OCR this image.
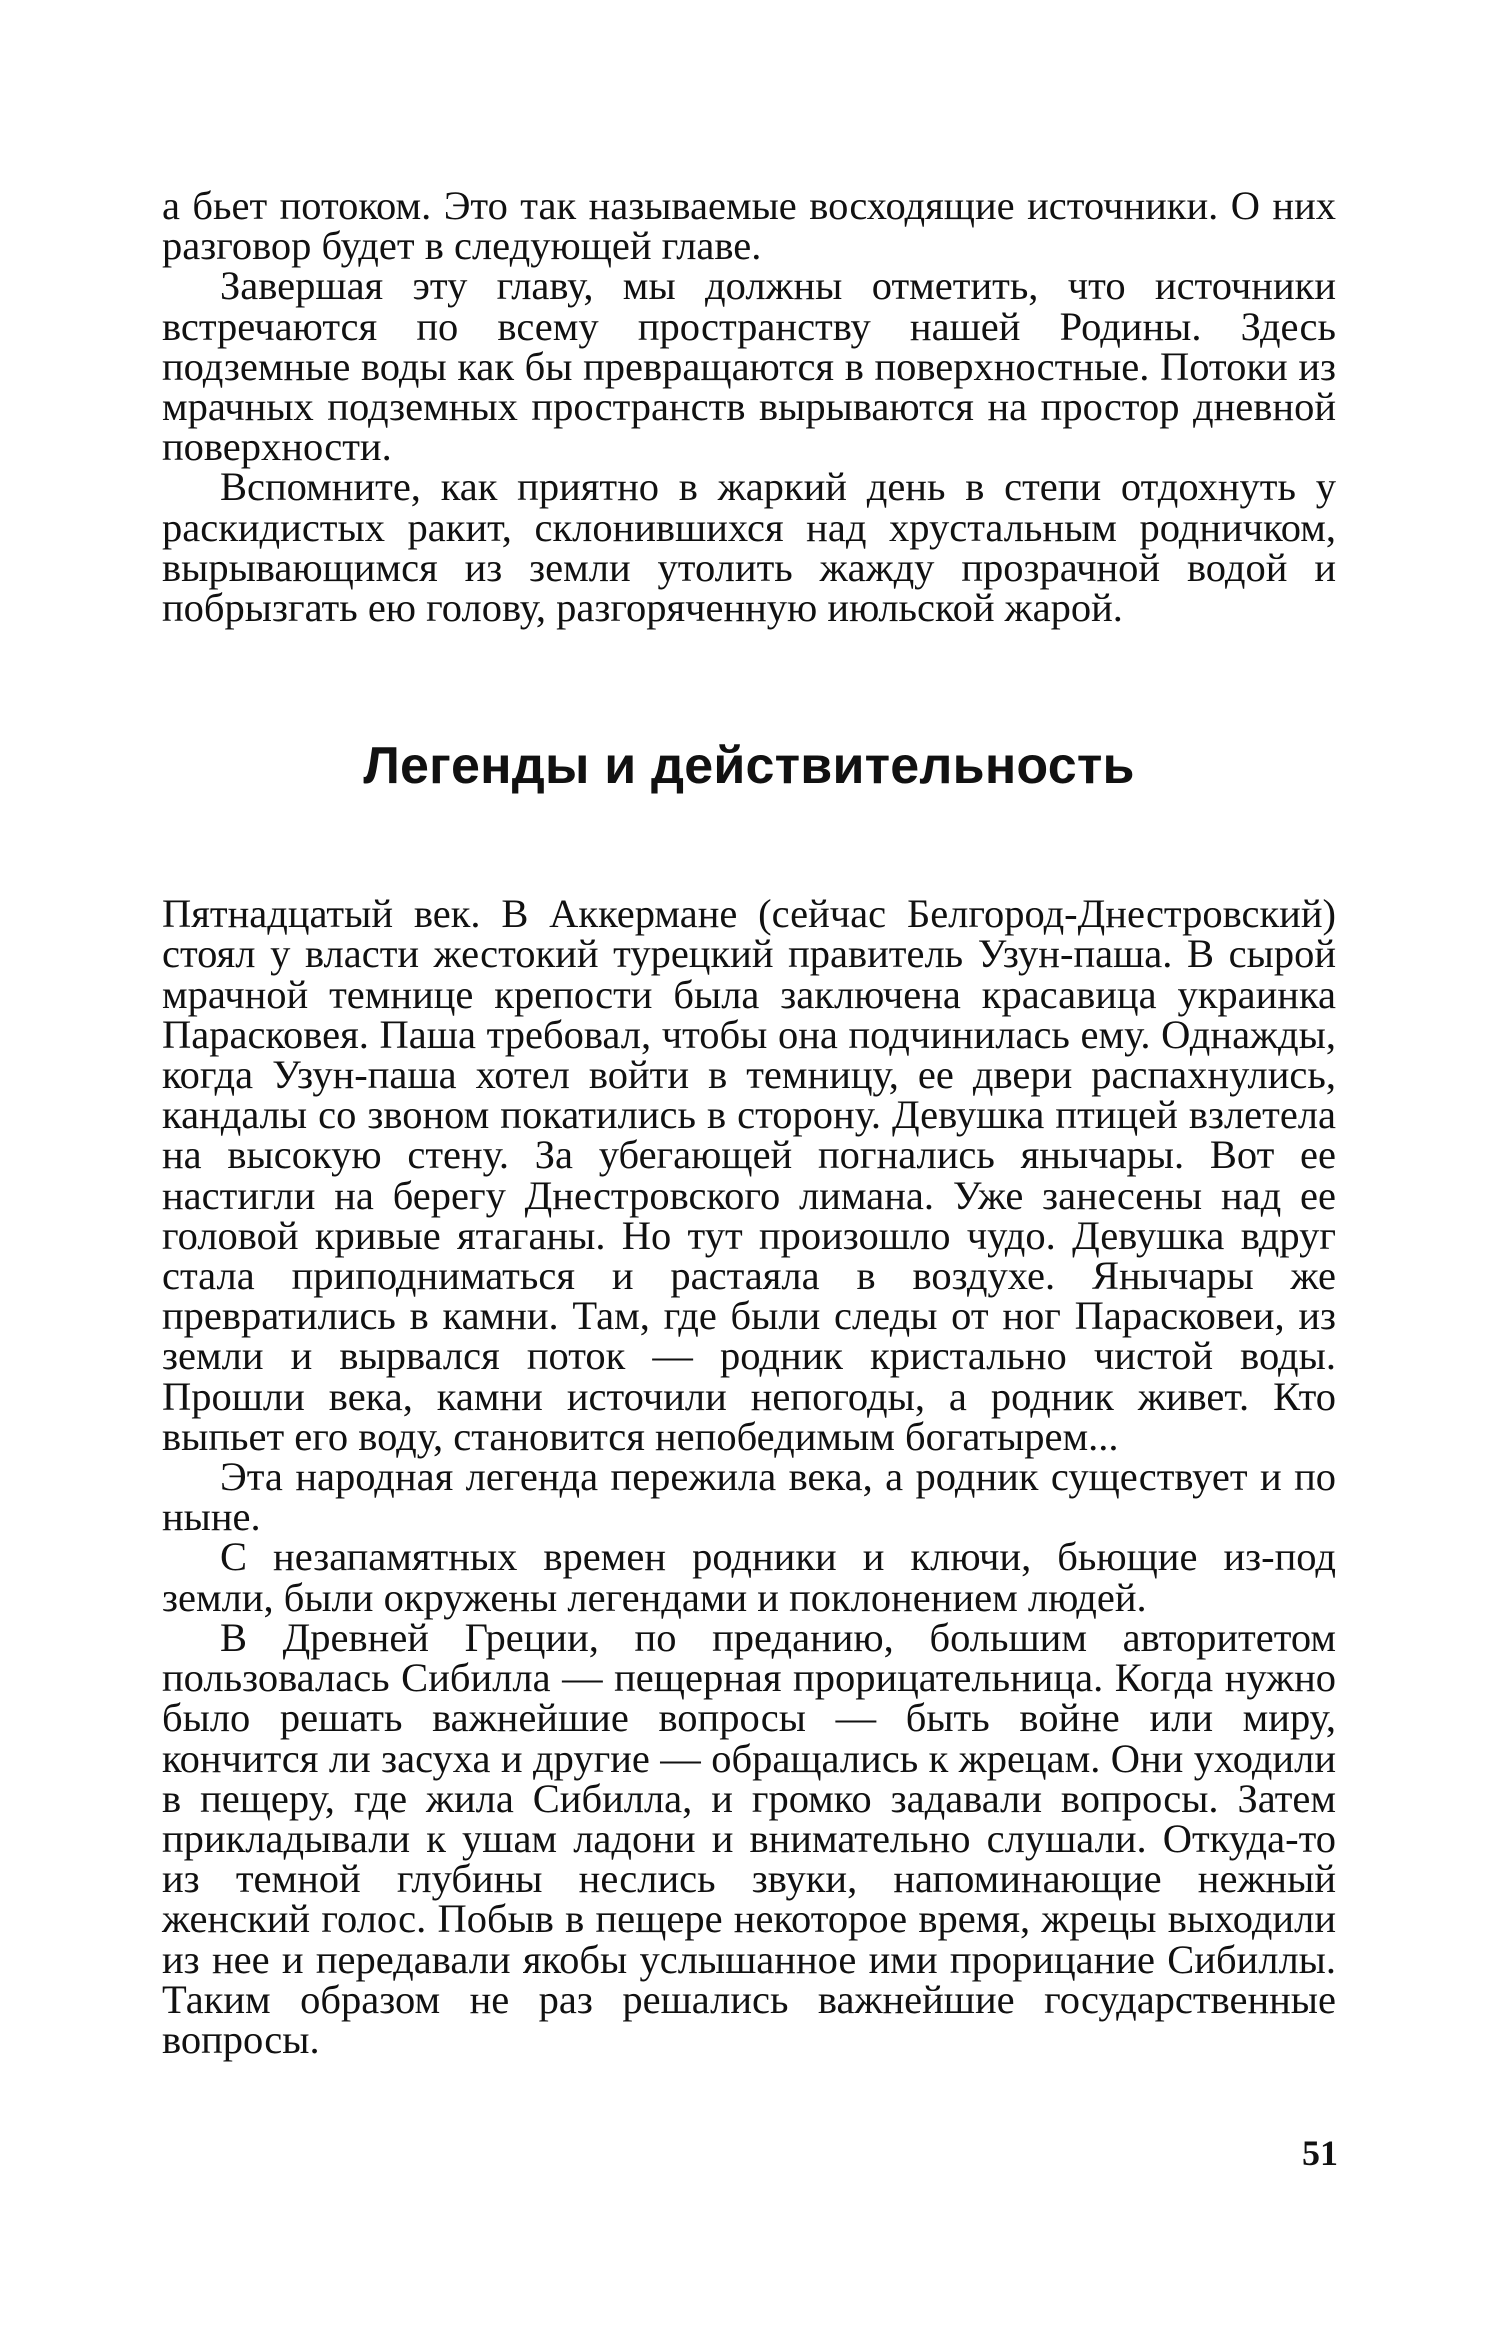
а бьет потоком. Это так называемые восходящие источники. О них разговор будет в следующей главе.

Завершая эту главу, мы должны отметить, что источники встречаются по всему пространству нашей Родины. Здесь подземные воды как бы превращаются в поверхностные. Потоки из мрачных подземных пространств вырываются на простор дневной поверхности.

Вспомните, как приятно в жаркий день в степи отдохнуть у раскидистых ракит, склонившихся над хрустальным родничком, вырывающимся из земли утолить жажду прозрачной водой и побрызгать ею голову, разгоряченную июльской жарой.

Легенды и действительность

Пятнадцатый век. В Аккермане (сейчас Белгород-Днестровский) стоял у власти жестокий турецкий правитель Узун-паша. В сырой мрачной темнице крепости была заключена красавица украинка Парасковея. Паша требовал, чтобы она подчинилась ему. Однажды, когда Узун-паша хотел войти в темницу, ее двери распахнулись, кандалы со звоном покатились в сторону. Девушка птицей взлетела на высокую стену. За убегающей погнались янычары. Вот ее настигли на берегу Днестровского лимана. Уже занесены над ее головой кривые ятаганы. Но тут произошло чудо. Девушка вдруг стала приподниматься и растаяла в воздухе. Янычары же превратились в камни. Там, где были следы от ног Парасковеи, из земли и вырвался поток — родник кристально чистой воды. Прошли века, камни источили непогоды, а родник живет. Кто выпьет его воду, становится непобедимым богатырем...

Эта народная легенда пережила века, а родник существует и по ныне.

С незапамятных времен родники и ключи, бьющие из-под земли, были окружены легендами и поклонением людей.

В Древней Греции, по преданию, большим авторитетом пользовалась Сибилла — пещерная прорицательница. Когда нужно было решать важнейшие вопросы — быть войне или миру, кончится ли засуха и другие — обращались к жрецам. Они уходили в пещеру, где жила Сибилла, и громко задавали вопросы. Затем прикладывали к ушам ладони и внимательно слушали. Откуда-то из темной глубины неслись звуки, напоминающие нежный женский голос. Побыв в пещере некоторое время, жрецы выходили из нее и передавали якобы услышанное ими прорицание Сибиллы. Таким образом не раз решались важнейшие государственные вопросы.

51
